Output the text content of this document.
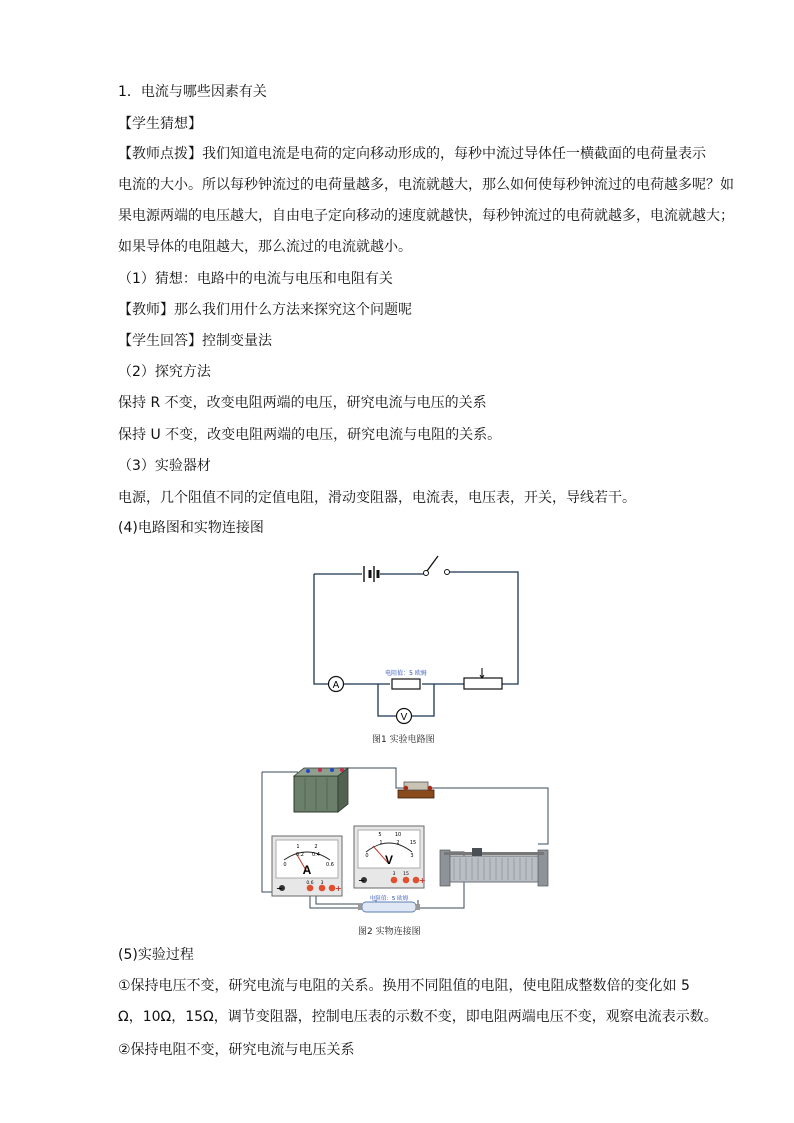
1．电流与哪些因素有关
【学生猜想】
【教师点拨】我们知道电流是电荷的定向移动形成的，每秒中流过导体任一横截面的电荷量表示
电流的大小。所以每秒钟流过的电荷量越多，电流就越大，那么如何使每秒钟流过的电荷越多呢？如
果电源两端的电压越大，自由电子定向移动的速度就越快，每秒钟流过的电荷就越多，电流就越大；
如果导体的电阻越大，那么流过的电流就越小。
（1）猜想：电路中的电流与电压和电阻有关
【教师】那么我们用什么方法来探究这个问题呢
【学生回答】控制变量法
（2）探究方法
保持 R 不变，改变电阻两端的电压，研究电流与电压的关系
保持 U 不变，改变电阻两端的电压，研究电流与电阻的关系。
（3）实验器材
电源，几个阻值不同的定值电阻，滑动变阻器，电流表，电压表，开关，导线若干。
(4)电路图和实物连接图
A
电阻值：5 欧姆
V
图1 实验电路图
0
1	2
0.2 0.4
0.6
A
0.6 3
−	+
0
5	10
15
1	2
3
V
3 15
−	+
电阻值：5 欧姆
图2 实物连接图
(5)实验过程
①保持电压不变，研究电流与电阻的关系。换用不同阻值的电阻，使电阻成整数倍的变化如 5
Ω，10Ω，15Ω，调节变阻器，控制电压表的示数不变，即电阻两端电压不变，观察电流表示数。
②保持电阻不变，研究电流与电压关系
